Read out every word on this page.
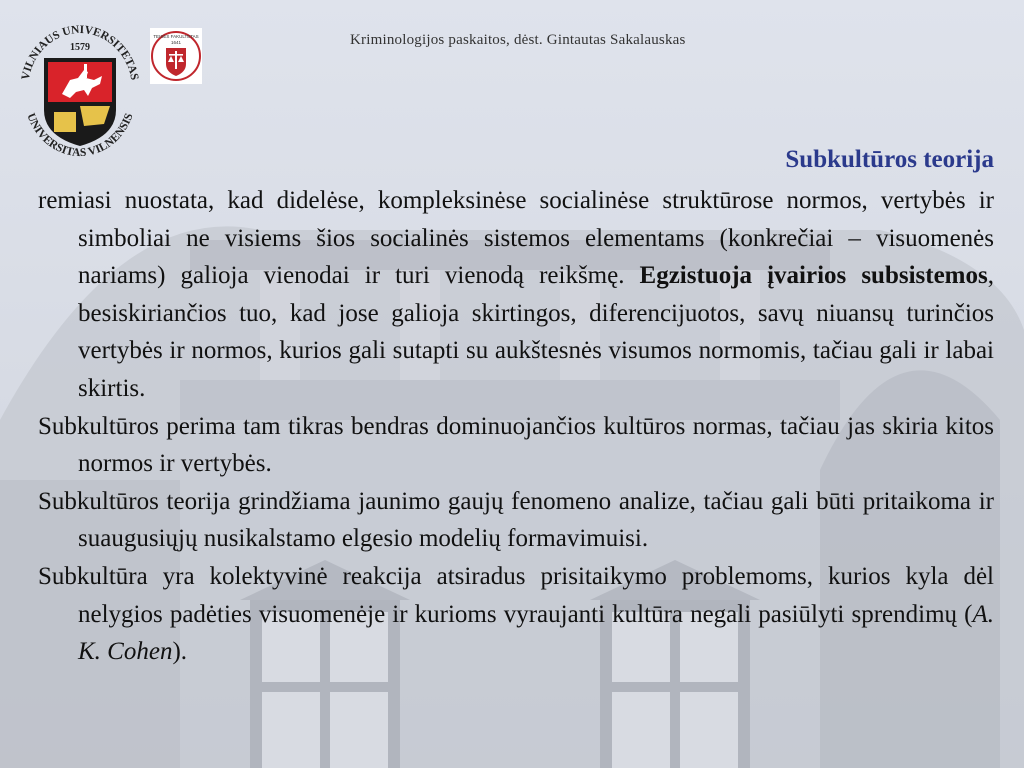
VILNIAUS UNIVERSITETAS
UNIVERSITAS VILNENSIS
1579
TEISĖS FAKULTETAS
1641	Kriminologijos paskaitos, dėst. Gintautas Sakalauskas
Subkultūros teorija

remiasi nuostata, kad didelėse, kompleksinėse socialinėse struktūrose normos, vertybės ir simboliai ne visiems šios socialinės sistemos elementams (konkrečiai – visuomenės nariams) galioja vienodai ir turi vienodą reikšmę. Egzistuoja įvairios subsistemos, besiskiriančios tuo, kad jose galioja skirtingos, diferencijuotos, savų niuansų turinčios vertybės ir normos, kurios gali sutapti su aukštesnės visumos normomis, tačiau gali ir labai skirtis.

Subkultūros perima tam tikras bendras dominuojančios kultūros normas, tačiau jas skiria kitos normos ir vertybės.

Subkultūros teorija grindžiama jaunimo gaujų fenomeno analize, tačiau gali būti pritaikoma ir suaugusiųjų nusikalstamo elgesio modelių formavimuisi.

Subkultūra yra kolektyvinė reakcija atsiradus prisitaikymo problemoms, kurios kyla dėl nelygios padėties visuomenėje ir kurioms vyraujanti kultūra negali pasiūlyti sprendimų (A. K. Cohen).
